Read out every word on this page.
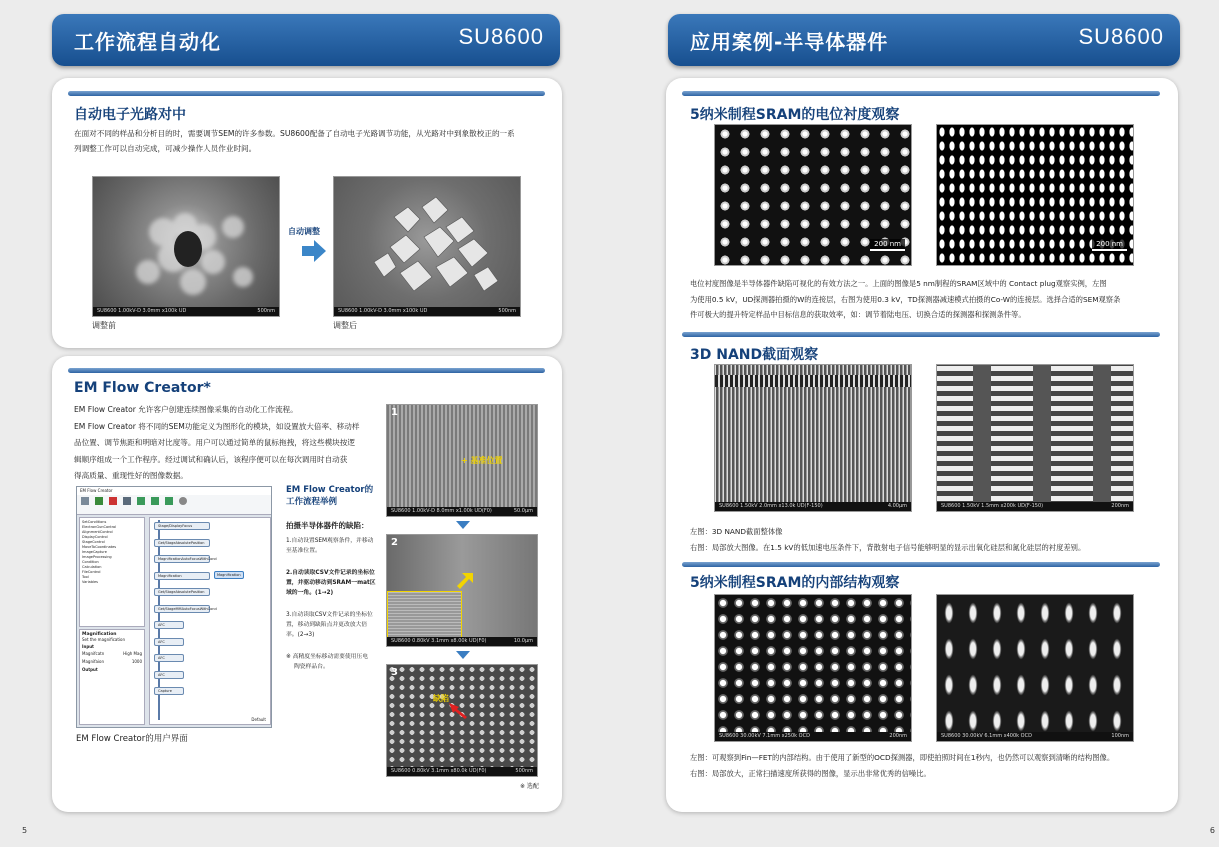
工作流程自动化	SU8600
自动电子光路对中
在面对不同的样品和分析目的时，需要调节SEM的许多参数。SU8600配备了自动电子光路调节功能，从光路对中到象散校正的一系
列调整工作可以自动完成，可减少操作人员作业时间。
SU8600 1.00kV-D 3.0mm x100k UD	500nm
调整前
自动调整
SU8600 1.00kV-D 3.0mm x100k UD	500nm
调整后
EM Flow Creator*
EM Flow Creator 允许客户创建连续图像采集的自动化工作流程。
EM Flow Creator 将不同的SEM功能定义为图形化的模块，如设置放大倍率、移动样
品位置、调节焦距和明暗对比度等。用户可以通过简单的鼠标拖拽，将这些模块按逻
辑顺序组成一个工作程序。经过调试和确认后，该程序便可以在每次调用时自动获
得高质量、重现性好的图像数据。
EM Flow Creator
SetConditions
ElectronGunControl
AlignmentControl
DisplayControl
StageControl
MoveToCoordinates
ImageCapture
ImageProcessing
Condition
Calculation
FileControl
Tool
Variables
Magnification
Set the magnification
Input
Magnifcatn	High Mag
Magnifaion	1000
Output
Stage/DisplayFocus
Get/StageAbsolutePosition
MagnificationAutoFocusWithCond
Magnification
Get/StageAbsolutePosition
Get/StageMMAutoFocusWithCond
AFC
AFC
AFC
AFC
Capture
Magnification
Default
EM Flow Creator的用户界面
EM Flow Creator的
工作流程举例
拍摄半导体器件的缺陷：
1.自动设置SEM观察条件，并移动
至基准位置。
2.自动读取CSV文件记录的坐标位
置，并驱动移动到SRAM一mat区
域的一角。(1→2)
3.自动读取CSV文件记录的坐标位
置，移动到缺陷点并更改放大倍
率。(2→3)
※ 高精度坐标移动需要使用压电
陶瓷样品台。
1
+ 基准位置
SU8600 1.00kV-D 8.0mm x1.00k UD(F0)	50.0μm
2
SU8600 0.80kV 3.1mm x8.00k UD(F0)	10.0μm
3
缺陷
SU8600 0.80kV 3.1mm x80.0k UD(F0)	500nm
※ 选配
5
应用案例-半导体器件	SU8600
5纳米制程SRAM的电位衬度观察
200 nm	200 nm
电位衬度图像是半导体器件缺陷可视化的有效方法之一。上面的图像是5 nm制程的SRAM区域中的 Contact plug观察实例，左图
为使用0.5 kV，UD探测器拍摄的W的连接层，右图为使用0.3 kV，TD探测器减速模式拍摄的Co-W的连接层。选择合适的SEM观察条
件可极大的提升特定样品中目标信息的获取效率，如：调节着陆电压、切换合适的探测器和探测条件等。
3D NAND截面观察
SU8600 1.50kV 2.0mm x13.0k UD(F-150)	4.00μm	SU8600 1.50kV 1.5mm x200k UD(F-150)	200nm
左图：3D NAND截面整体像
右图：局部放大图像。在1.5 kV的低加速电压条件下，背散射电子信号能够明显的显示出氧化硅层和氮化硅层的衬度差别。
5纳米制程SRAM的内部结构观察
SU8600 30.00kV 7.1mm x250k OCD	200nm	SU8600 30.00kV 6.1mm x400k OCD	100nm
左图：可观察到Fin—FET的内部结构。由于使用了新型的OCD探测器，即使拍照时间在1秒内，也仍然可以观察到清晰的结构图像。
右图：局部放大，正常扫描速度所获得的图像，显示出非常优秀的信噪比。
6
